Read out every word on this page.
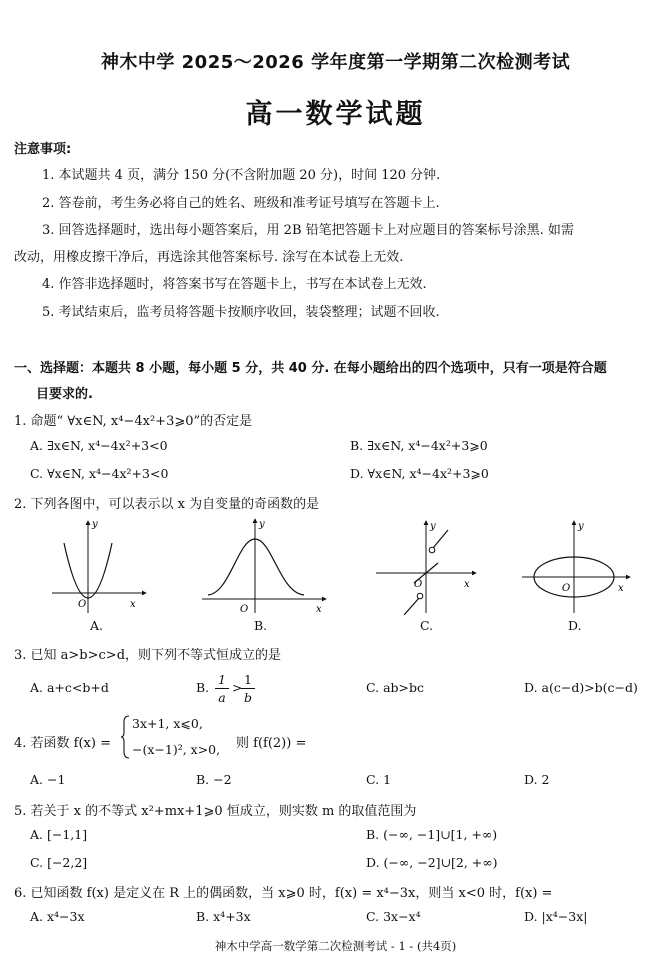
神木中学 2025～2026 学年度第一学期第二次检测考试
高一数学试题
注意事项:
1. 本试题共 4 页，满分 150 分(不含附加题 20 分)，时间 120 分钟.
2. 答卷前，考生务必将自己的姓名、班级和准考证号填写在答题卡上.
3. 回答选择题时，选出每小题答案后，用 2B 铅笔把答题卡上对应题目的答案标号涂黑. 如需
改动，用橡皮擦干净后，再选涂其他答案标号. 涂写在本试卷上无效.
4. 作答非选择题时，将答案书写在答题卡上，书写在本试卷上无效.
5. 考试结束后，监考员将答题卡按顺序收回，装袋整理；试题不回收.
一、选择题：本题共 8 小题，每小题 5 分，共 40 分. 在每小题给出的四个选项中，只有一项是符合题
目要求的.
1. 命题“ ∀x∈N, x⁴−4x²+3⩾0”的否定是
A. ∃x∈N, x⁴−4x²+3<0	B. ∃x∈N, x⁴−4x²+3⩾0
C. ∀x∈N, x⁴−4x²+3<0	D. ∀x∈N, x⁴−4x²+3⩾0
2. 下列各图中，可以表示以 x 为自变量的奇函数的是
y
x
O
A.
y
x
O
B.
y
x
O
C.
y
x
O
D.
3. 已知 a>b>c>d，则下列不等式恒成立的是
A. a+c<b+d	B.
1
a
>
1
b
C. ab>bc	D. a(c−d)>b(c−d)
4. 若函数 f(x) =
3x+1, x⩽0,
−(x−1)², x>0, 则 f(f(2)) =
A. −1	B. −2	C. 1	D. 2
5. 若关于 x 的不等式 x²+mx+1⩾0 恒成立，则实数 m 的取值范围为
A. [−1,1]	B. (−∞, −1]∪[1, +∞)
C. [−2,2]	D. (−∞, −2]∪[2, +∞)
6. 已知函数 f(x) 是定义在 R 上的偶函数，当 x⩾0 时，f(x) = x⁴−3x，则当 x<0 时，f(x) =
A. x⁴−3x	B. x⁴+3x	C. 3x−x⁴	D. |x⁴−3x|
神木中学高一数学第二次检测考试 - 1 - (共4页)
